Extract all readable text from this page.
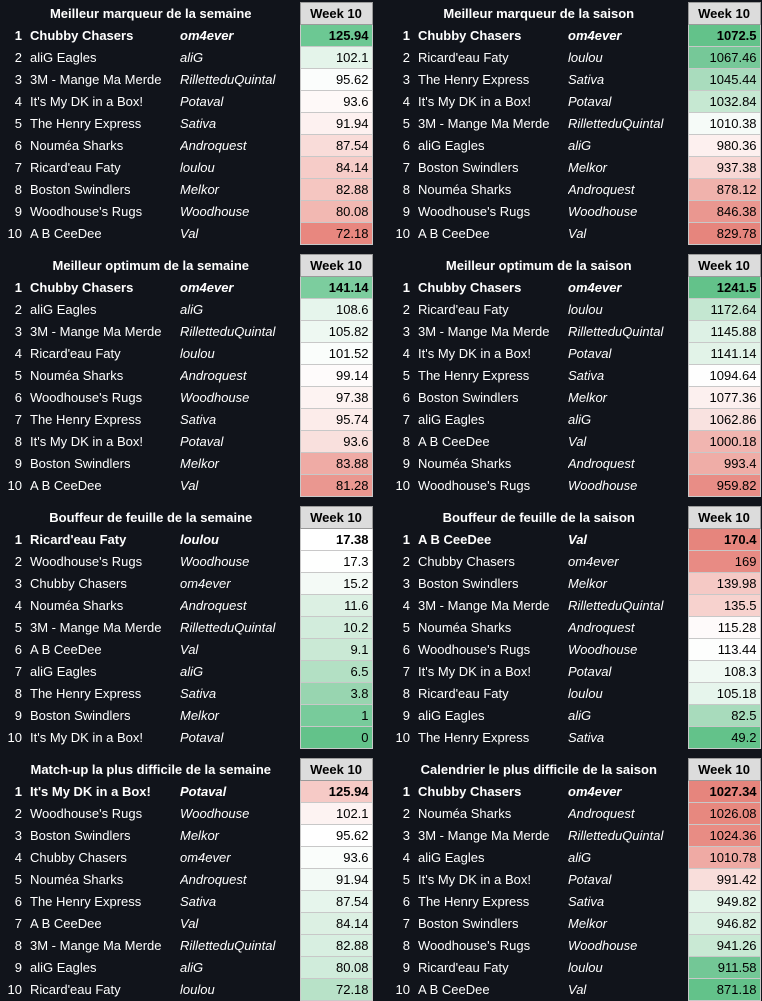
Meilleur marqueur de la semaine			Week 10
1	Chubby Chasers	om4ever	125.94
2	aliG Eagles	aliG	102.1
3	3M - Mange Ma Merde	RilletteduQuintal	95.62
4	It's My DK in a Box!	Potaval	93.6
5	The Henry Express	Sativa	91.94
6	Nouméa Sharks	Androquest	87.54
7	Ricard'eau Faty	loulou	84.14
8	Boston Swindlers	Melkor	82.88
9	Woodhouse's Rugs	Woodhouse	80.08
10	A B CeeDee	Val	72.18
Meilleur marqueur de la saison			Week 10
1	Chubby Chasers	om4ever	1072.5
2	Ricard'eau Faty	loulou	1067.46
3	The Henry Express	Sativa	1045.44
4	It's My DK in a Box!	Potaval	1032.84
5	3M - Mange Ma Merde	RilletteduQuintal	1010.38
6	aliG Eagles	aliG	980.36
7	Boston Swindlers	Melkor	937.38
8	Nouméa Sharks	Androquest	878.12
9	Woodhouse's Rugs	Woodhouse	846.38
10	A B CeeDee	Val	829.78
Meilleur optimum de la semaine			Week 10
1	Chubby Chasers	om4ever	141.14
2	aliG Eagles	aliG	108.6
3	3M - Mange Ma Merde	RilletteduQuintal	105.82
4	Ricard'eau Faty	loulou	101.52
5	Nouméa Sharks	Androquest	99.14
6	Woodhouse's Rugs	Woodhouse	97.38
7	The Henry Express	Sativa	95.74
8	It's My DK in a Box!	Potaval	93.6
9	Boston Swindlers	Melkor	83.88
10	A B CeeDee	Val	81.28
Meilleur optimum de la saison			Week 10
1	Chubby Chasers	om4ever	1241.5
2	Ricard'eau Faty	loulou	1172.64
3	3M - Mange Ma Merde	RilletteduQuintal	1145.88
4	It's My DK in a Box!	Potaval	1141.14
5	The Henry Express	Sativa	1094.64
6	Boston Swindlers	Melkor	1077.36
7	aliG Eagles	aliG	1062.86
8	A B CeeDee	Val	1000.18
9	Nouméa Sharks	Androquest	993.4
10	Woodhouse's Rugs	Woodhouse	959.82
Bouffeur de feuille de la semaine			Week 10
1	Ricard'eau Faty	loulou	17.38
2	Woodhouse's Rugs	Woodhouse	17.3
3	Chubby Chasers	om4ever	15.2
4	Nouméa Sharks	Androquest	11.6
5	3M - Mange Ma Merde	RilletteduQuintal	10.2
6	A B CeeDee	Val	9.1
7	aliG Eagles	aliG	6.5
8	The Henry Express	Sativa	3.8
9	Boston Swindlers	Melkor	1
10	It's My DK in a Box!	Potaval	0
Bouffeur de feuille de la saison			Week 10
1	A B CeeDee	Val	170.4
2	Chubby Chasers	om4ever	169
3	Boston Swindlers	Melkor	139.98
4	3M - Mange Ma Merde	RilletteduQuintal	135.5
5	Nouméa Sharks	Androquest	115.28
6	Woodhouse's Rugs	Woodhouse	113.44
7	It's My DK in a Box!	Potaval	108.3
8	Ricard'eau Faty	loulou	105.18
9	aliG Eagles	aliG	82.5
10	The Henry Express	Sativa	49.2
Match-up la plus difficile de la semaine			Week 10
1	It's My DK in a Box!	Potaval	125.94
2	Woodhouse's Rugs	Woodhouse	102.1
3	Boston Swindlers	Melkor	95.62
4	Chubby Chasers	om4ever	93.6
5	Nouméa Sharks	Androquest	91.94
6	The Henry Express	Sativa	87.54
7	A B CeeDee	Val	84.14
8	3M - Mange Ma Merde	RilletteduQuintal	82.88
9	aliG Eagles	aliG	80.08
10	Ricard'eau Faty	loulou	72.18
Calendrier le plus difficile de la saison			Week 10
1	Chubby Chasers	om4ever	1027.34
2	Nouméa Sharks	Androquest	1026.08
3	3M - Mange Ma Merde	RilletteduQuintal	1024.36
4	aliG Eagles	aliG	1010.78
5	It's My DK in a Box!	Potaval	991.42
6	The Henry Express	Sativa	949.82
7	Boston Swindlers	Melkor	946.82
8	Woodhouse's Rugs	Woodhouse	941.26
9	Ricard'eau Faty	loulou	911.58
10	A B CeeDee	Val	871.18
